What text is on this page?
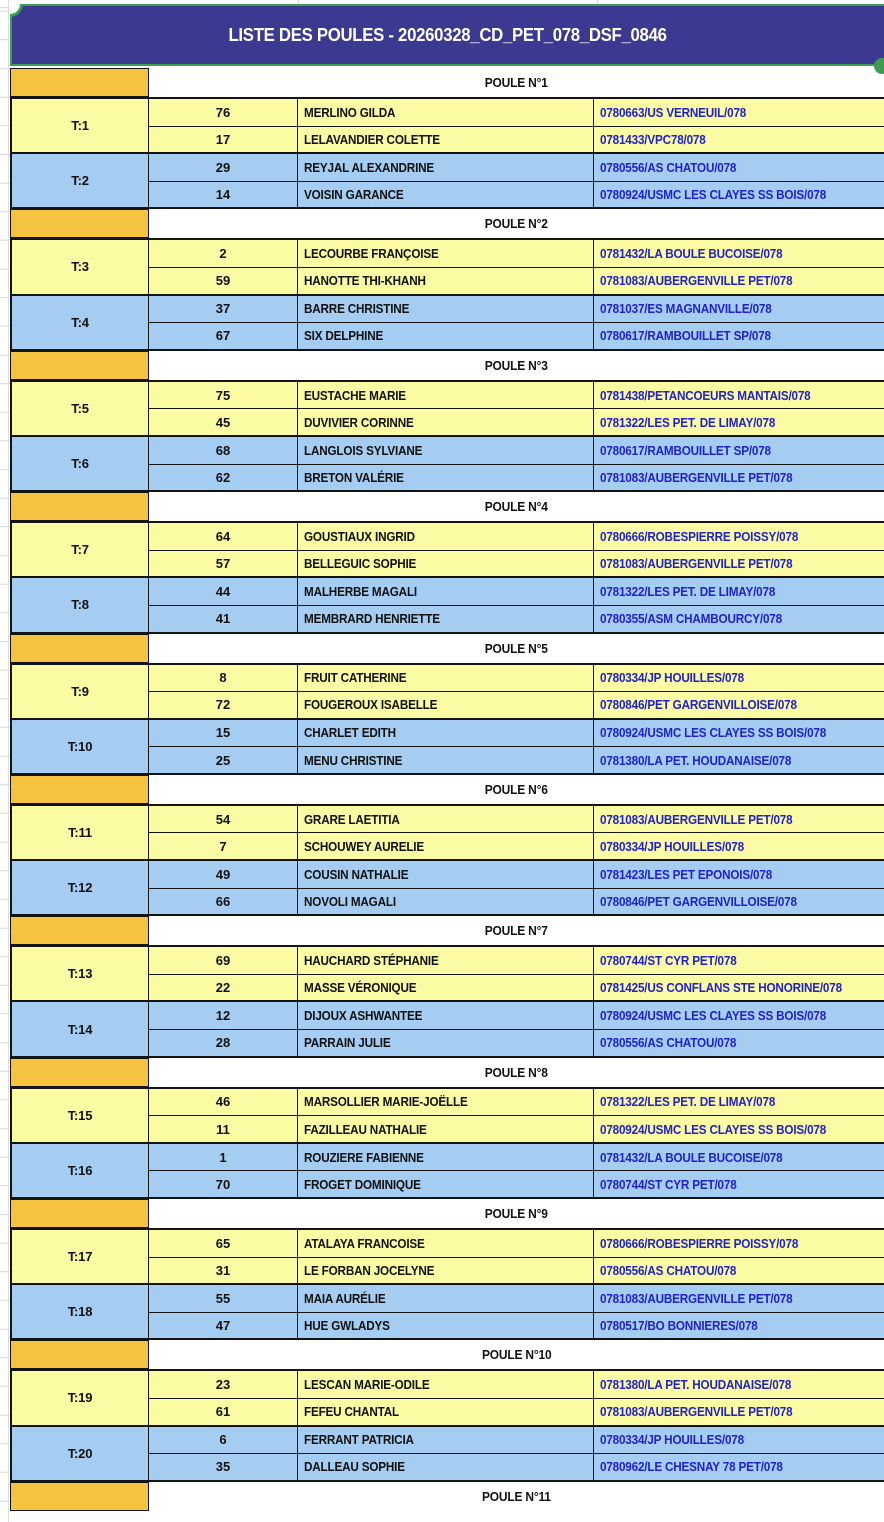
LISTE DES POULES - 20260328_CD_PET_078_DSF_0846
POULE N°1
T:1
76	MERLINO GILDA	0780663/US VERNEUIL/078
17	LELAVANDIER COLETTE	0781433/VPC78/078
T:2
29	REYJAL ALEXANDRINE	0780556/AS CHATOU/078
14	VOISIN GARANCE	0780924/USMC LES CLAYES SS BOIS/078
POULE N°2
T:3
2	LECOURBE FRANÇOISE	0781432/LA BOULE BUCOISE/078
59	HANOTTE THI-KHANH	0781083/AUBERGENVILLE PET/078
T:4
37	BARRE CHRISTINE	0781037/ES MAGNANVILLE/078
67	SIX DELPHINE	0780617/RAMBOUILLET SP/078
POULE N°3
T:5
75	EUSTACHE MARIE	0781438/PETANCOEURS MANTAIS/078
45	DUVIVIER CORINNE	0781322/LES PET. DE LIMAY/078
T:6
68	LANGLOIS SYLVIANE	0780617/RAMBOUILLET SP/078
62	BRETON VALÉRIE	0781083/AUBERGENVILLE PET/078
POULE N°4
T:7
64	GOUSTIAUX INGRID	0780666/ROBESPIERRE POISSY/078
57	BELLEGUIC SOPHIE	0781083/AUBERGENVILLE PET/078
T:8
44	MALHERBE MAGALI	0781322/LES PET. DE LIMAY/078
41	MEMBRARD HENRIETTE	0780355/ASM CHAMBOURCY/078
POULE N°5
T:9
8	FRUIT CATHERINE	0780334/JP HOUILLES/078
72	FOUGEROUX ISABELLE	0780846/PET GARGENVILLOISE/078
T:10
15	CHARLET EDITH	0780924/USMC LES CLAYES SS BOIS/078
25	MENU CHRISTINE	0781380/LA PET. HOUDANAISE/078
POULE N°6
T:11
54	GRARE LAETITIA	0781083/AUBERGENVILLE PET/078
7	SCHOUWEY AURELIE	0780334/JP HOUILLES/078
T:12
49	COUSIN NATHALIE	0781423/LES PET EPONOIS/078
66	NOVOLI MAGALI	0780846/PET GARGENVILLOISE/078
POULE N°7
T:13
69	HAUCHARD STÉPHANIE	0780744/ST CYR PET/078
22	MASSE VÉRONIQUE	0781425/US CONFLANS STE HONORINE/078
T:14
12	DIJOUX ASHWANTEE	0780924/USMC LES CLAYES SS BOIS/078
28	PARRAIN JULIE	0780556/AS CHATOU/078
POULE N°8
T:15
46	MARSOLLIER MARIE-JOËLLE	0781322/LES PET. DE LIMAY/078
11	FAZILLEAU NATHALIE	0780924/USMC LES CLAYES SS BOIS/078
T:16
1	ROUZIERE FABIENNE	0781432/LA BOULE BUCOISE/078
70	FROGET DOMINIQUE	0780744/ST CYR PET/078
POULE N°9
T:17
65	ATALAYA FRANCOISE	0780666/ROBESPIERRE POISSY/078
31	LE FORBAN JOCELYNE	0780556/AS CHATOU/078
T:18
55	MAIA AURÉLIE	0781083/AUBERGENVILLE PET/078
47	HUE GWLADYS	0780517/BO BONNIERES/078
POULE N°10
T:19
23	LESCAN MARIE-ODILE	0781380/LA PET. HOUDANAISE/078
61	FEFEU CHANTAL	0781083/AUBERGENVILLE PET/078
T:20
6	FERRANT PATRICIA	0780334/JP HOUILLES/078
35	DALLEAU SOPHIE	0780962/LE CHESNAY 78 PET/078
POULE N°11
